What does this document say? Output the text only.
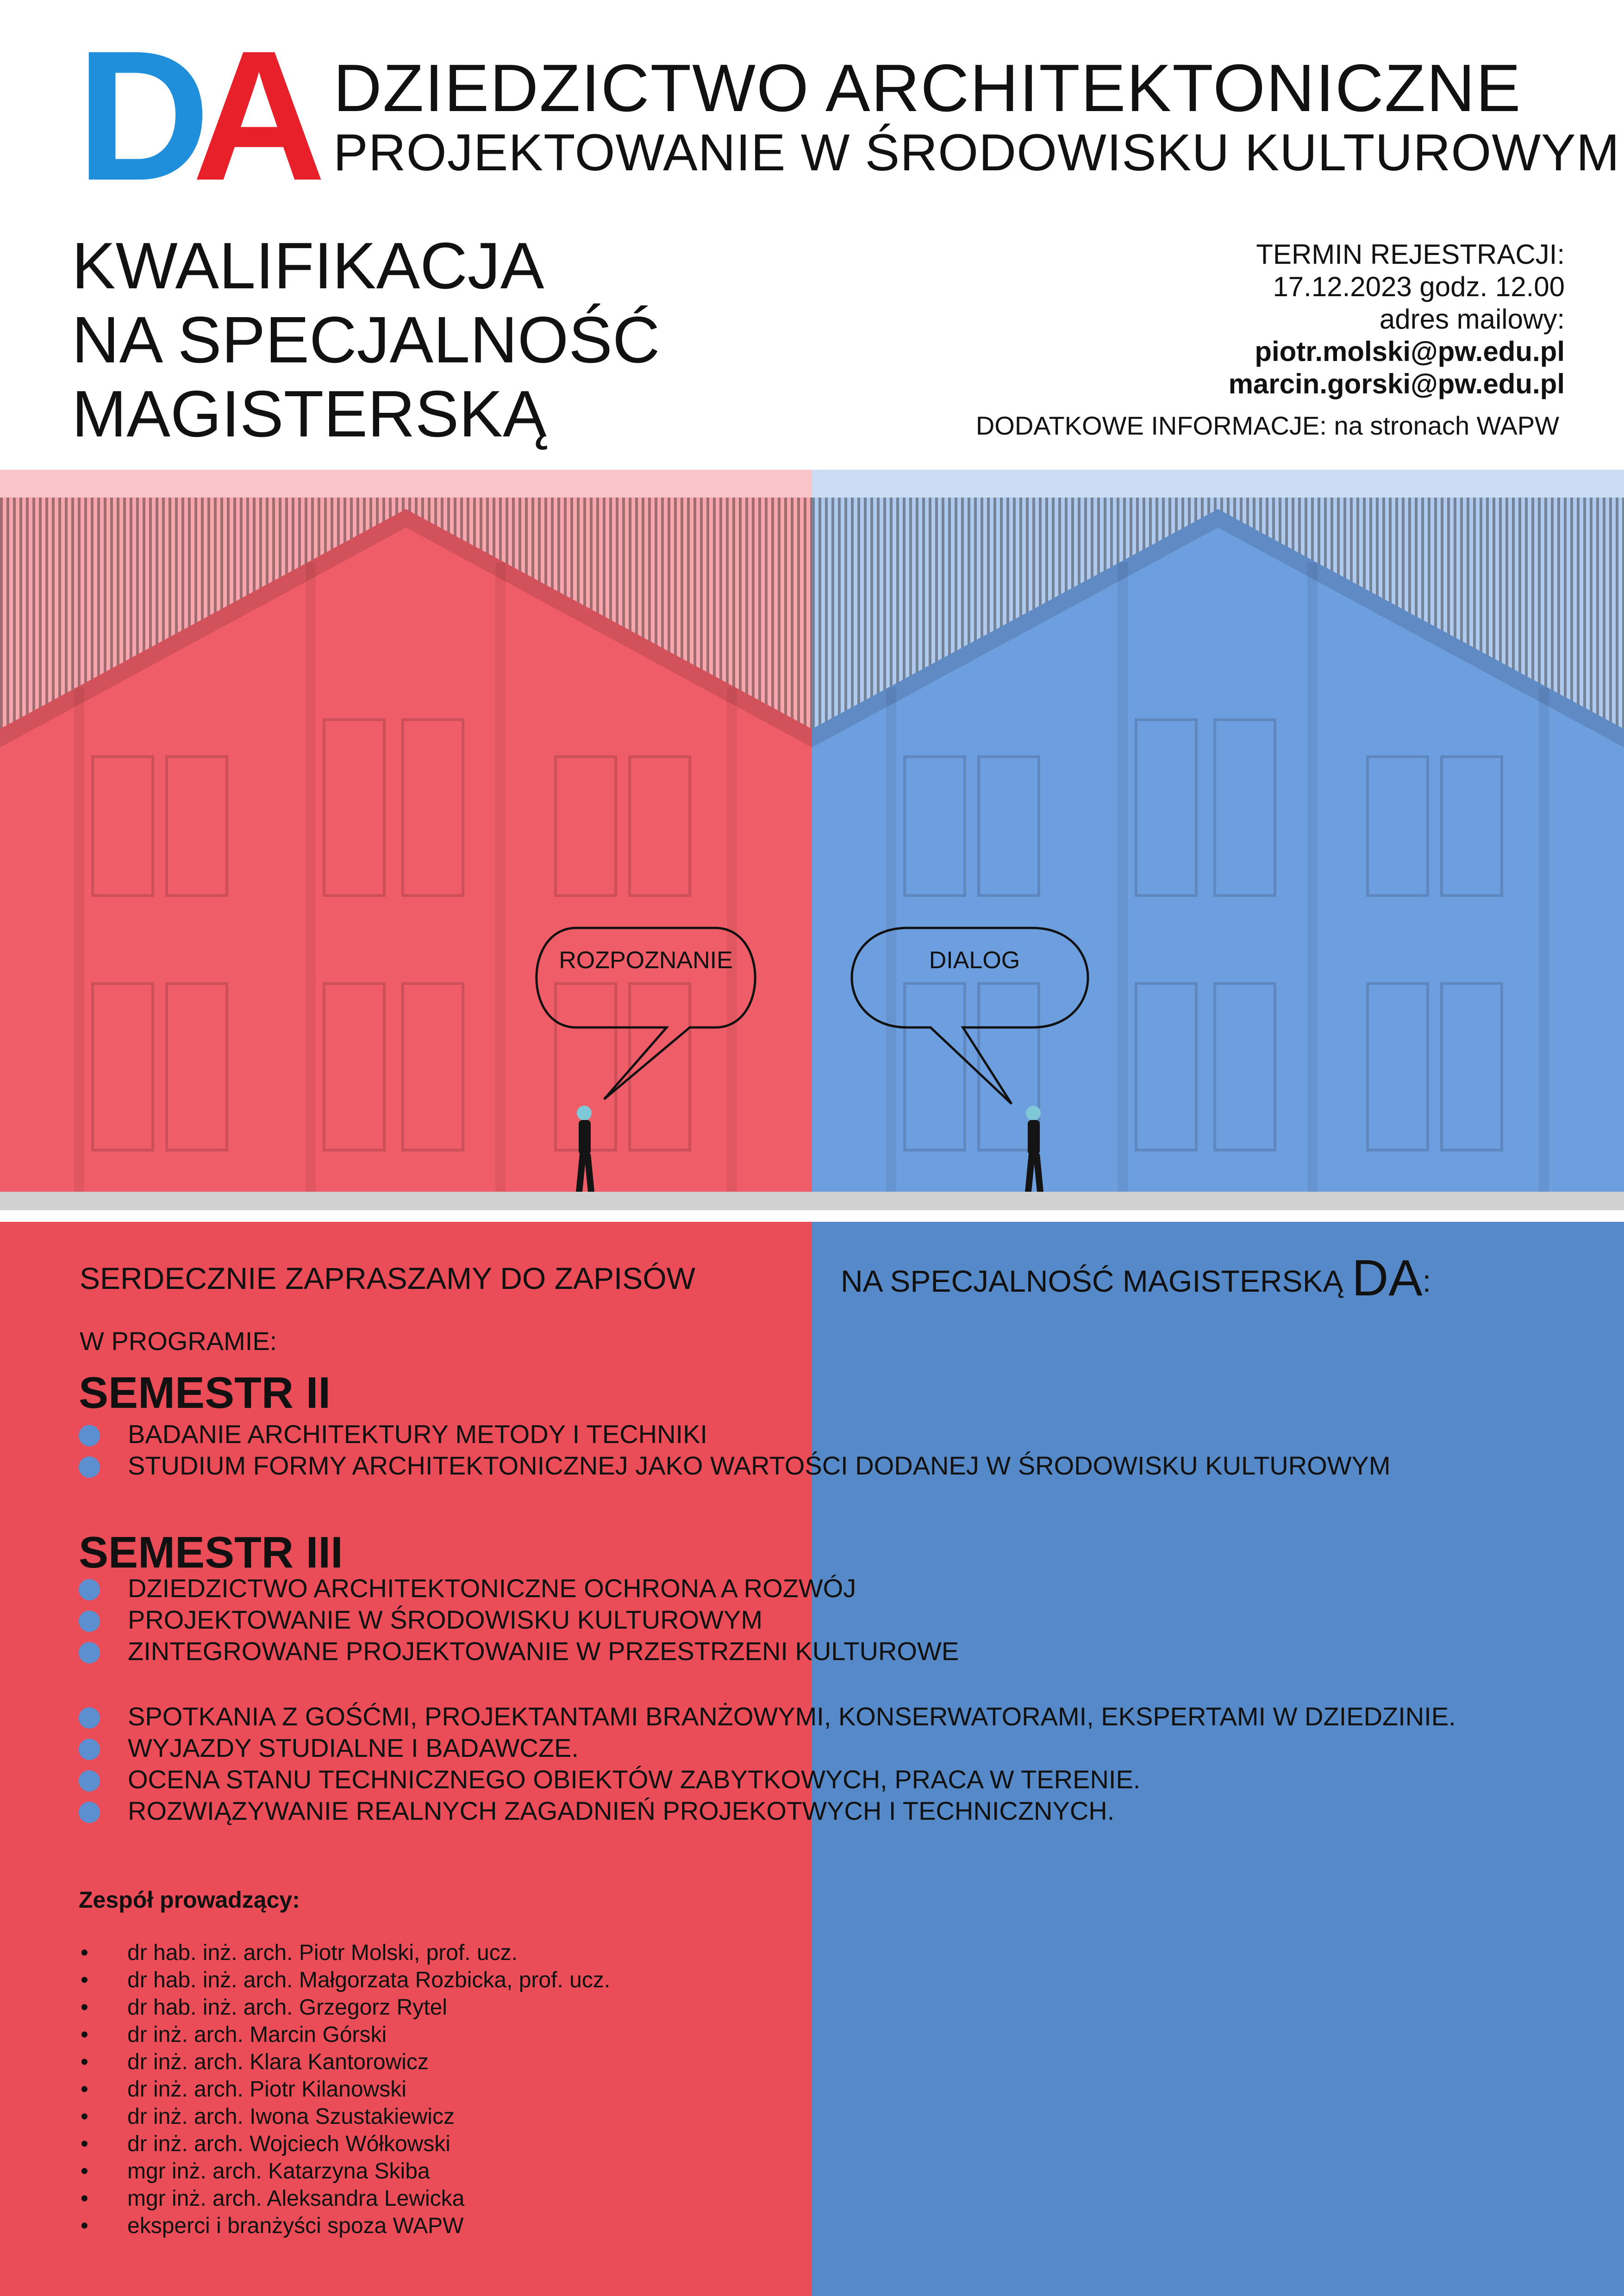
D
A DZIEDZICTWO ARCHITEKTONICZNE
PROJEKTOWANIE W ŚRODOWISKU KULTUROWYM
KWALIFIKACJA
NA SPECJALNOŚĆ
MAGISTERSKĄ
TERMIN REJESTRACJI:
17.12.2023 godz. 12.00
adres mailowy:
piotr.molski@pw.edu.pl
marcin.gorski@pw.edu.pl
DODATKOWE INFORMACJE: na stronach WAPW
ROZPOZNANIE	DIALOG
SERDECZNIE ZAPRASZAMY DO ZAPISÓW	NA SPECJALNOŚĆ MAGISTERSKĄ DA:
W PROGRAMIE:
SEMESTR II
BADANIE ARCHITEKTURY METODY I TECHNIKI
STUDIUM FORMY ARCHITEKTONICZNEJ JAKO WARTOŚCI DODANEJ W ŚRODOWISKU KULTUROWYM
SEMESTR III
DZIEDZICTWO ARCHITEKTONICZNE OCHRONA A ROZWÓJ
PROJEKTOWANIE W ŚRODOWISKU KULTUROWYM
ZINTEGROWANE PROJEKTOWANIE W PRZESTRZENI KULTUROWE
SPOTKANIA Z GOŚĆMI, PROJEKTANTAMI BRANŻOWYMI, KONSERWATORAMI, EKSPERTAMI W DZIEDZINIE.
WYJAZDY STUDIALNE I BADAWCZE.
OCENA STANU TECHNICZNEGO OBIEKTÓW ZABYTKOWYCH, PRACA W TERENIE.
ROZWIĄZYWANIE REALNYCH ZAGADNIEŃ PROJEKOTWYCH I TECHNICZNYCH.
Zespół prowadzący:
• dr hab. inż. arch. Piotr Molski, prof. ucz.
• dr hab. inż. arch. Małgorzata Rozbicka, prof. ucz.
• dr hab. inż. arch. Grzegorz Rytel
• dr inż. arch. Marcin Górski
• dr inż. arch. Klara Kantorowicz
• dr inż. arch. Piotr Kilanowski
• dr inż. arch. Iwona Szustakiewicz
• dr inż. arch. Wojciech Wółkowski
• mgr inż. arch. Katarzyna Skiba
• mgr inż. arch. Aleksandra Lewicka
• eksperci i branżyści spoza WAPW
